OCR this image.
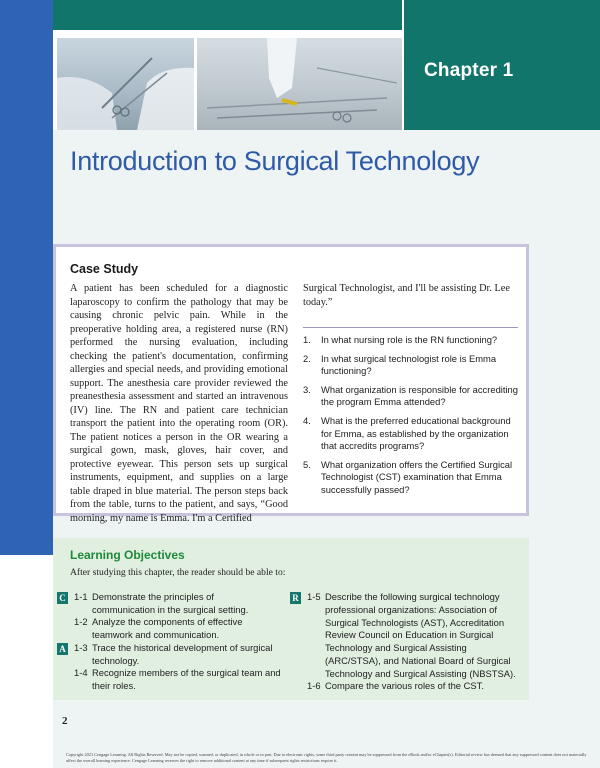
Chapter 1
Introduction to Surgical Technology
Case Study
A patient has been scheduled for a diagnostic laparoscopy to confirm the pathology that may be causing chronic pelvic pain. While in the preoperative holding area, a registered nurse (RN) performed the nursing evaluation, including checking the patient's documentation, confirming allergies and special needs, and providing emotional support. The anesthesia care provider reviewed the preanesthesia assessment and started an intravenous (IV) line. The RN and patient care technician transport the patient into the operating room (OR). The patient notices a person in the OR wearing a surgical gown, mask, gloves, hair cover, and protective eyewear. This person sets up surgical instruments, equipment, and supplies on a large table draped in blue material. The person steps back from the table, turns to the patient, and says, “Good morning, my name is Emma. I'm a Certified
Surgical Technologist, and I'll be assisting Dr. Lee today.”
1. In what nursing role is the RN functioning?
2. In what surgical technologist role is Emma functioning?
3. What organization is responsible for accrediting the program Emma attended?
4. What is the preferred educational background for Emma, as established by the organization that accredits programs?
5. What organization offers the Certified Surgical Technologist (CST) examination that Emma successfully passed?
Learning Objectives
After studying this chapter, the reader should be able to:
C
A
R
1-1 Demonstrate the principles of communication in the surgical setting.
1-2 Analyze the components of effective teamwork and communication.
1-3 Trace the historical development of surgical technology.
1-4 Recognize members of the surgical team and their roles.
1-5 Describe the following surgical technology professional organizations: Association of Surgical Technologists (AST), Accreditation Review Council on Education in Surgical Technology and Surgical Assisting (ARC/STSA), and National Board of Surgical Technology and Surgical Assisting (NBSTSA).
1-6 Compare the various roles of the CST.
2
Copyright 2021 Cengage Learning. All Rights Reserved. May not be copied, scanned, or duplicated, in whole or in part. Due to electronic rights, some third party content may be suppressed from the eBook and/or eChapter(s). Editorial review has deemed that any suppressed content does not materially affect the overall learning experience. Cengage Learning reserves the right to remove additional content at any time if subsequent rights restrictions require it.
